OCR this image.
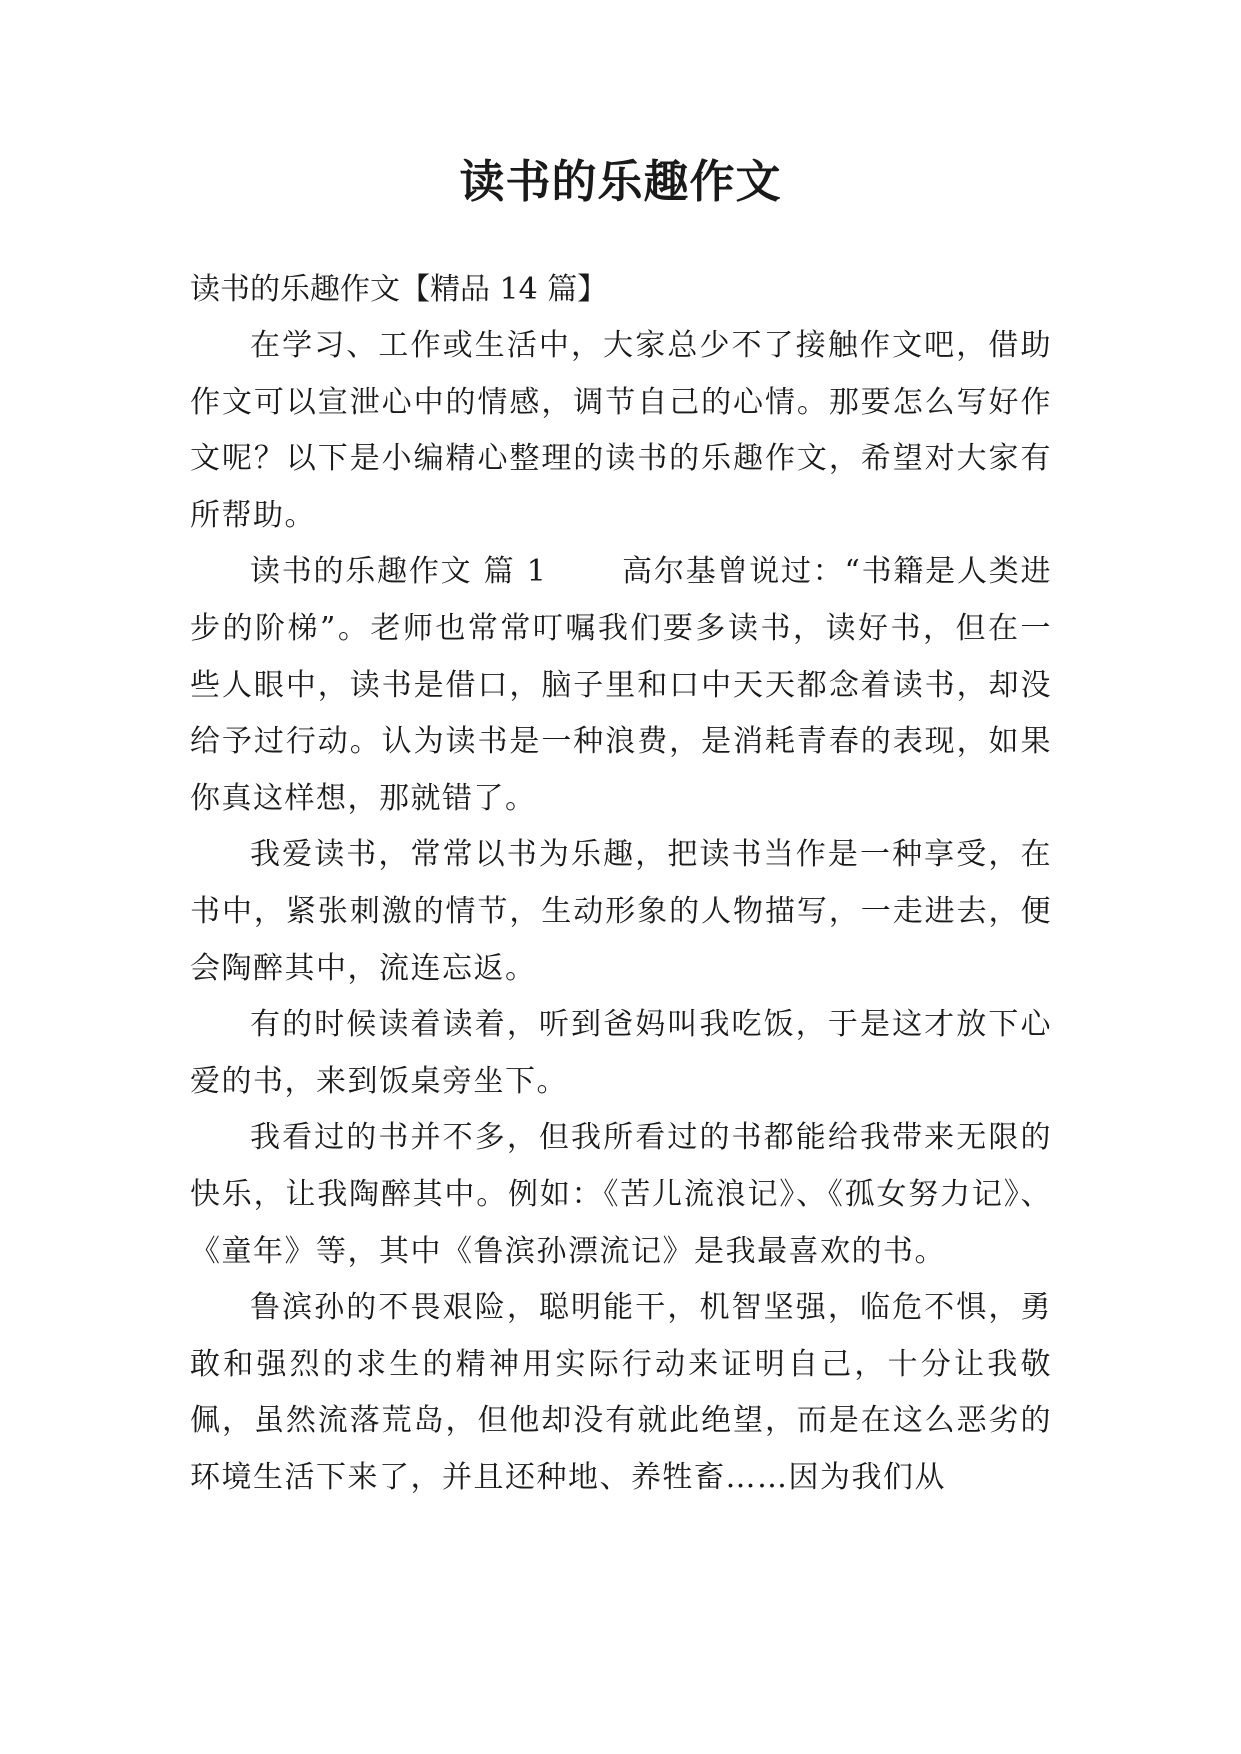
读书的乐趣作文

读书的乐趣作文【精品 14 篇】

在学习、工作或生活中，大家总少不了接触作文吧，借助作文可以宣泄心中的情感，调节自己的心情。那要怎么写好作文呢？以下是小编精心整理的读书的乐趣作文，希望对大家有所帮助。

读书的乐趣作文 篇 1 　　高尔基曾说过：“书籍是人类进步的阶梯”。老师也常常叮嘱我们要多读书，读好书，但在一些人眼中，读书是借口，脑子里和口中天天都念着读书，却没给予过行动。认为读书是一种浪费，是消耗青春的表现，如果你真这样想，那就错了。

我爱读书，常常以书为乐趣，把读书当作是一种享受，在书中，紧张刺激的情节，生动形象的人物描写，一走进去，便会陶醉其中，流连忘返。

有的时候读着读着，听到爸妈叫我吃饭，于是这才放下心爱的书，来到饭桌旁坐下。

我看过的书并不多，但我所看过的书都能给我带来无限的快乐，让我陶醉其中。例如：《苦儿流浪记》、《孤女努力记》、《童年》等，其中《鲁滨孙漂流记》是我最喜欢的书。

鲁滨孙的不畏艰险，聪明能干，机智坚强，临危不惧，勇敢和强烈的求生的精神用实际行动来证明自己，十分让我敬佩，虽然流落荒岛，但他却没有就此绝望，而是在这么恶劣的环境生活下来了，并且还种地、养牲畜……因为我们从
